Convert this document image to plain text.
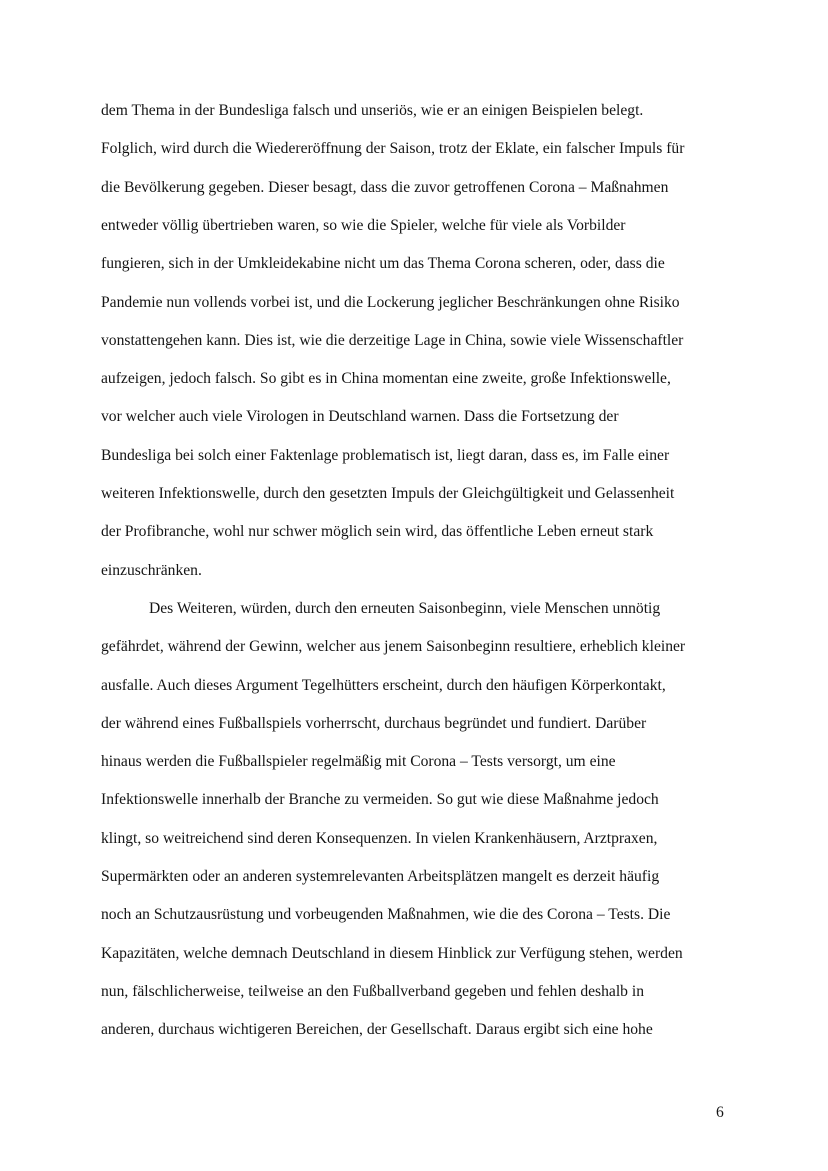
dem Thema in der Bundesliga falsch und unseriös, wie er an einigen Beispielen belegt.
Folglich, wird durch die Wiedereröffnung der Saison, trotz der Eklate, ein falscher Impuls für
die Bevölkerung gegeben. Dieser besagt, dass die zuvor getroffenen Corona – Maßnahmen
entweder völlig übertrieben waren, so wie die Spieler, welche für viele als Vorbilder
fungieren, sich in der Umkleidekabine nicht um das Thema Corona scheren, oder, dass die
Pandemie nun vollends vorbei ist, und die Lockerung jeglicher Beschränkungen ohne Risiko
vonstattengehen kann. Dies ist, wie die derzeitige Lage in China, sowie viele Wissenschaftler
aufzeigen, jedoch falsch. So gibt es in China momentan eine zweite, große Infektionswelle,
vor welcher auch viele Virologen in Deutschland warnen. Dass die Fortsetzung der
Bundesliga bei solch einer Faktenlage problematisch ist, liegt daran, dass es, im Falle einer
weiteren Infektionswelle, durch den gesetzten Impuls der Gleichgültigkeit und Gelassenheit
der Profibranche, wohl nur schwer möglich sein wird, das öffentliche Leben erneut stark
einzuschränken.
Des Weiteren, würden, durch den erneuten Saisonbeginn, viele Menschen unnötig
gefährdet, während der Gewinn, welcher aus jenem Saisonbeginn resultiere, erheblich kleiner
ausfalle. Auch dieses Argument Tegelhütters erscheint, durch den häufigen Körperkontakt,
der während eines Fußballspiels vorherrscht, durchaus begründet und fundiert. Darüber
hinaus werden die Fußballspieler regelmäßig mit Corona – Tests versorgt, um eine
Infektionswelle innerhalb der Branche zu vermeiden. So gut wie diese Maßnahme jedoch
klingt, so weitreichend sind deren Konsequenzen. In vielen Krankenhäusern, Arztpraxen,
Supermärkten oder an anderen systemrelevanten Arbeitsplätzen mangelt es derzeit häufig
noch an Schutzausrüstung und vorbeugenden Maßnahmen, wie die des Corona – Tests. Die
Kapazitäten, welche demnach Deutschland in diesem Hinblick zur Verfügung stehen, werden
nun, fälschlicherweise, teilweise an den Fußballverband gegeben und fehlen deshalb in
anderen, durchaus wichtigeren Bereichen, der Gesellschaft. Daraus ergibt sich eine hohe
6
